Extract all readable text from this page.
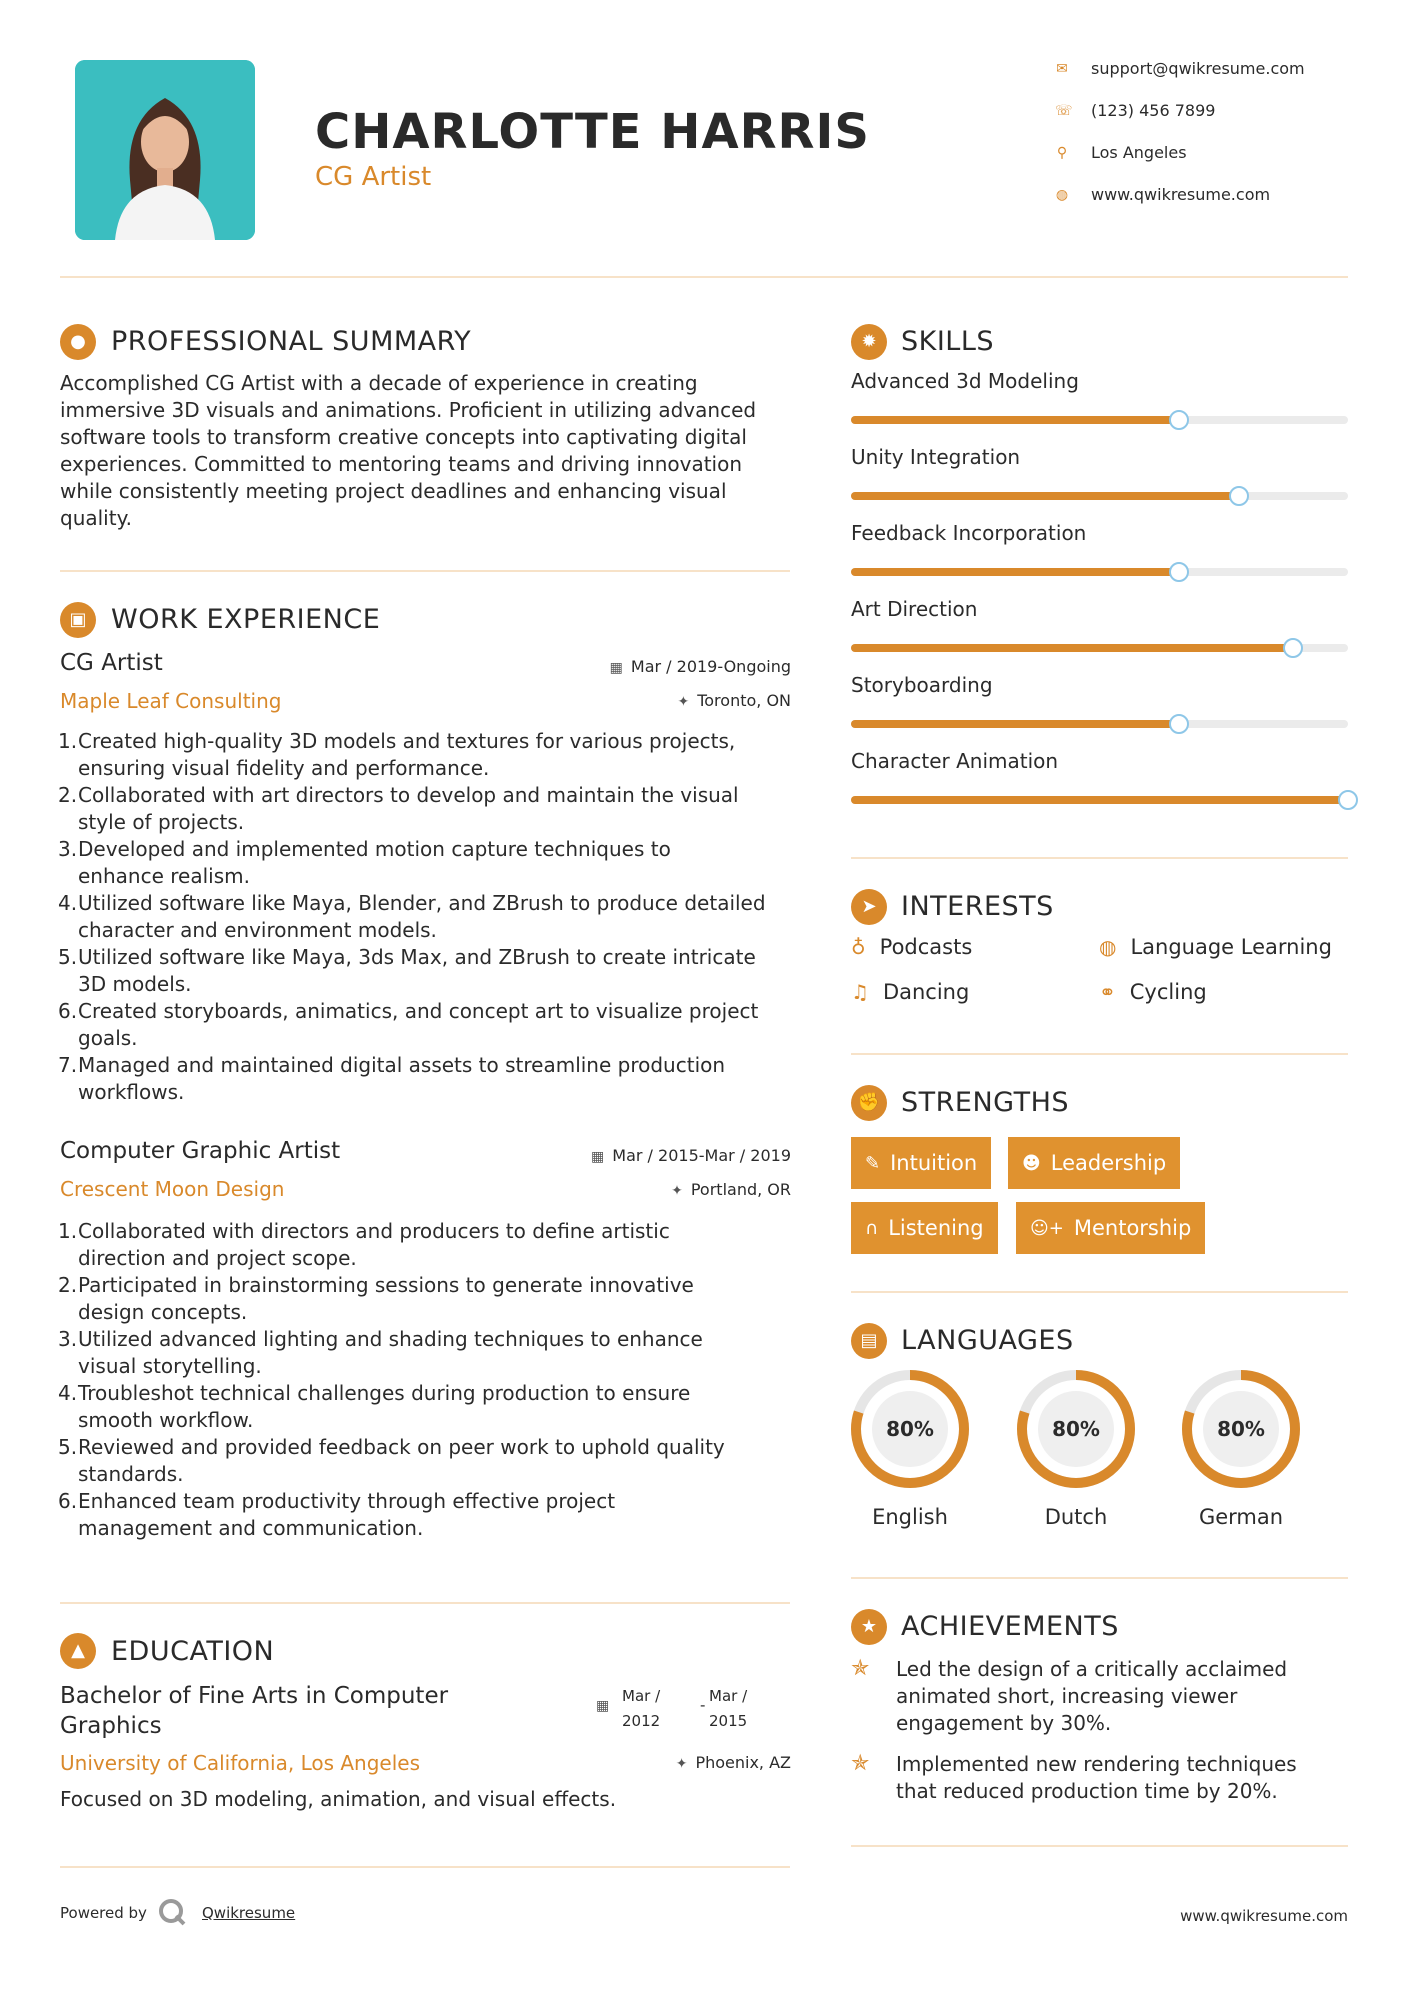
CHARLOTTE HARRIS
CG Artist
✉ support@qwikresume.com
☏ (123) 456 7899
⚲ Los Angeles
◍ www.qwikresume.com
● PROFESSIONAL SUMMARY
Accomplished CG Artist with a decade of experience in creating
immersive 3D visuals and animations. Proficient in utilizing advanced
software tools to transform creative concepts into captivating digital
experiences. Committed to mentoring teams and driving innovation
while consistently meeting project deadlines and enhancing visual
quality.
▣ WORK EXPERIENCE
CG Artist	▦ Mar / 2019-Ongoing
Maple Leaf Consulting	✦ Toronto, ON
1. Created high-quality 3D models and textures for various projects,
ensuring visual fidelity and performance.
2. Collaborated with art directors to develop and maintain the visual
style of projects.
3. Developed and implemented motion capture techniques to
enhance realism.
4. Utilized software like Maya, Blender, and ZBrush to produce detailed
character and environment models.
5. Utilized software like Maya, 3ds Max, and ZBrush to create intricate
3D models.
6. Created storyboards, animatics, and concept art to visualize project
goals.
7. Managed and maintained digital assets to streamline production
workflows.
Computer Graphic Artist	▦ Mar / 2015-Mar / 2019
Crescent Moon Design	✦ Portland, OR
1. Collaborated with directors and producers to define artistic
direction and project scope.
2. Participated in brainstorming sessions to generate innovative
design concepts.
3. Utilized advanced lighting and shading techniques to enhance
visual storytelling.
4. Troubleshot technical challenges during production to ensure
smooth workflow.
5. Reviewed and provided feedback on peer work to uphold quality
standards.
6. Enhanced team productivity through effective project
management and communication.
▲ EDUCATION
Bachelor of Fine Arts in Computer
Graphics
▦
Mar /
2012
- Mar /
2015
University of California, Los Angeles	✦ Phoenix, AZ
Focused on 3D modeling, animation, and visual effects.
✹ SKILLS
Advanced 3d Modeling
Unity Integration
Feedback Incorporation
Art Direction
Storyboarding
Character Animation
➤ INTERESTS
♁ Podcasts	◍ Language Learning
♫ Dancing	⚭ Cycling
✊ STRENGTHS
✎ Intuition ☻ Leadership
∩ Listening	☺+ Mentorship
▤ LANGUAGES
80%
English
80%
Dutch
80%
German
★ ACHIEVEMENTS
✯	Led the design of a critically acclaimed
animated short, increasing viewer
engagement by 30%.
✯	Implemented new rendering techniques
that reduced production time by 20%.
Powered by	Qwikresume	www.qwikresume.com
